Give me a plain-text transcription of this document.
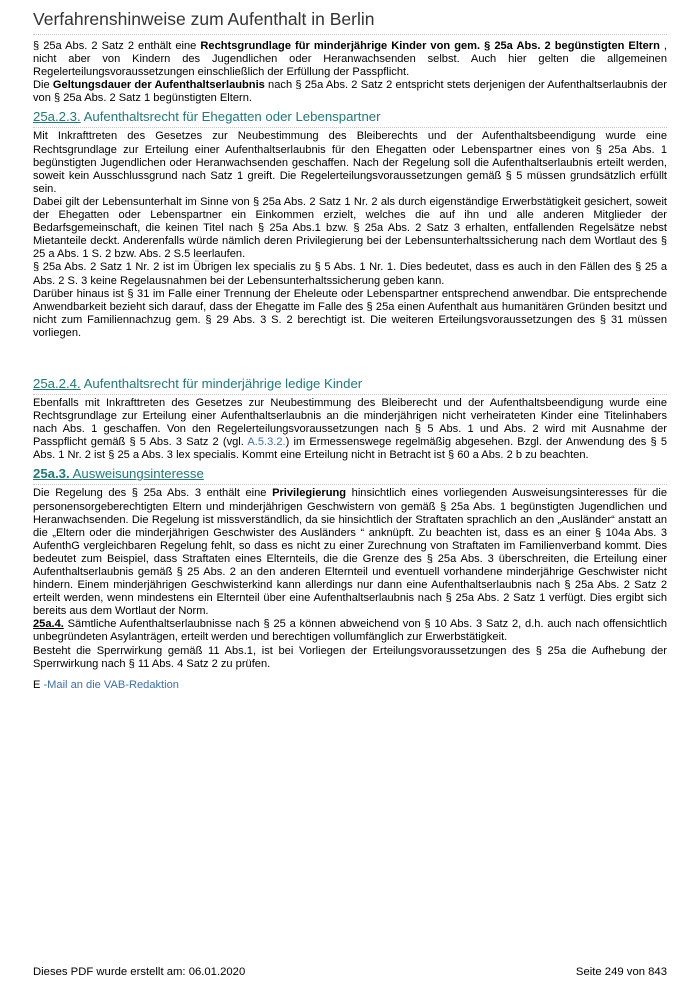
Verfahrenshinweise zum Aufenthalt in Berlin

§ 25a Abs. 2 Satz 2 enthält eine Rechtsgrundlage für minderjährige Kinder von gem. § 25a Abs. 2 begünstigten Eltern , nicht aber von Kindern des Jugendlichen oder Heranwachsenden selbst. Auch hier gelten die allgemeinen Regelerteilungsvoraussetzungen einschließlich der Erfüllung der Passpflicht.

Die Geltungsdauer der Aufenthaltserlaubnis nach § 25a Abs. 2 Satz 2 entspricht stets derjenigen der Aufenthaltserlaubnis der von § 25a Abs. 2 Satz 1 begünstigten Eltern.

25a.2.3. Aufenthaltsrecht für Ehegatten oder Lebenspartner

Mit Inkrafttreten des Gesetzes zur Neubestimmung des Bleiberechts und der Aufenthaltsbeendigung wurde eine Rechtsgrundlage zur Erteilung einer Aufenthaltserlaubnis für den Ehegatten oder Lebenspartner eines von § 25a Abs. 1 begünstigten Jugendlichen oder Heranwachsenden geschaffen. Nach der Regelung soll die Aufenthaltserlaubnis erteilt werden, soweit kein Ausschlussgrund nach Satz 1 greift. Die Regelerteilungsvoraussetzungen gemäß § 5 müssen grundsätzlich erfüllt sein.

Dabei gilt der Lebensunterhalt im Sinne von § 25a Abs. 2 Satz 1 Nr. 2 als durch eigenständige Erwerbstätigkeit gesichert, soweit der Ehegatten oder Lebenspartner ein Einkommen erzielt, welches die auf ihn und alle anderen Mitglieder der Bedarfsgemeinschaft, die keinen Titel nach § 25a Abs.1 bzw. § 25a Abs. 2 Satz 3 erhalten, entfallenden Regelsätze nebst Mietanteile deckt. Anderenfalls würde nämlich deren Privilegierung bei der Lebensunterhaltssicherung nach dem Wortlaut des § 25 a Abs. 1 S. 2 bzw. Abs. 2 S.5 leerlaufen.

§ 25a Abs. 2 Satz 1 Nr. 2 ist im Übrigen lex specialis zu § 5 Abs. 1 Nr. 1. Dies bedeutet, dass es auch in den Fällen des § 25 a Abs. 2 S. 3 keine Regelausnahmen bei der Lebensunterhaltssicherung geben kann.

Darüber hinaus ist § 31 im Falle einer Trennung der Eheleute oder Lebenspartner entsprechend anwendbar. Die entsprechende Anwendbarkeit bezieht sich darauf, dass der Ehegatte im Falle des § 25a einen Aufenthalt aus humanitären Gründen besitzt und nicht zum Familiennachzug gem. § 29 Abs. 3 S. 2 berechtigt ist. Die weiteren Erteilungsvoraussetzungen des § 31 müssen vorliegen.

25a.2.4. Aufenthaltsrecht für minderjährige ledige Kinder

Ebenfalls mit Inkrafttreten des Gesetzes zur Neubestimmung des Bleiberecht und der Aufenthaltsbeendigung wurde eine Rechtsgrundlage zur Erteilung einer Aufenthaltserlaubnis an die minderjährigen nicht verheirateten Kinder eine Titelinhabers nach Abs. 1 geschaffen. Von den Regelerteilungsvoraussetzungen nach § 5 Abs. 1 und Abs. 2 wird mit Ausnahme der Passpflicht gemäß § 5 Abs. 3 Satz 2 (vgl. A.5.3.2.) im Ermessenswege regelmäßig abgesehen. Bzgl. der Anwendung des § 5 Abs. 1 Nr. 2 ist § 25 a Abs. 3 lex specialis. Kommt eine Erteilung nicht in Betracht ist § 60 a Abs. 2 b zu beachten.

25a.3. Ausweisungsinteresse

Die Regelung des § 25a Abs. 3 enthält eine Privilegierung hinsichtlich eines vorliegenden Ausweisungsinteresses für die personensorgeberechtigten Eltern und minderjährigen Geschwistern von gemäß § 25a Abs. 1 begünstigten Jugendlichen und Heranwachsenden. Die Regelung ist missverständlich, da sie hinsichtlich der Straftaten sprachlich an den „Ausländer“ anstatt an die „Eltern oder die minderjährigen Geschwister des Ausländers “ anknüpft. Zu beachten ist, dass es an einer § 104a Abs. 3 AufenthG vergleichbaren Regelung fehlt, so dass es nicht zu einer Zurechnung von Straftaten im Familienverband kommt. Dies bedeutet zum Beispiel, dass Straftaten eines Elternteils, die die Grenze des § 25a Abs. 3 überschreiten, die Erteilung einer Aufenthaltserlaubnis gemäß § 25 Abs. 2 an den anderen Elternteil und eventuell vorhandene minderjährige Geschwister nicht hindern. Einem minderjährigen Geschwisterkind kann allerdings nur dann eine Aufenthaltserlaubnis nach § 25a Abs. 2 Satz 2 erteilt werden, wenn mindestens ein Elternteil über eine Aufenthaltserlaubnis nach § 25a Abs. 2 Satz 1 verfügt. Dies ergibt sich bereits aus dem Wortlaut der Norm.

25a.4. Sämtliche Aufenthaltserlaubnisse nach § 25 a können abweichend von § 10 Abs. 3 Satz 2, d.h. auch nach offensichtlich unbegründeten Asylanträgen, erteilt werden und berechtigen vollumfänglich zur Erwerbstätigkeit.

Besteht die Sperrwirkung gemäß 11 Abs.1, ist bei Vorliegen der Erteilungsvoraussetzungen des § 25a die Aufhebung der Sperrwirkung nach § 11 Abs. 4 Satz 2 zu prüfen.

E -Mail an die VAB-Redaktion
Dieses PDF wurde erstellt am: 06.01.2020	Seite 249 von 843
